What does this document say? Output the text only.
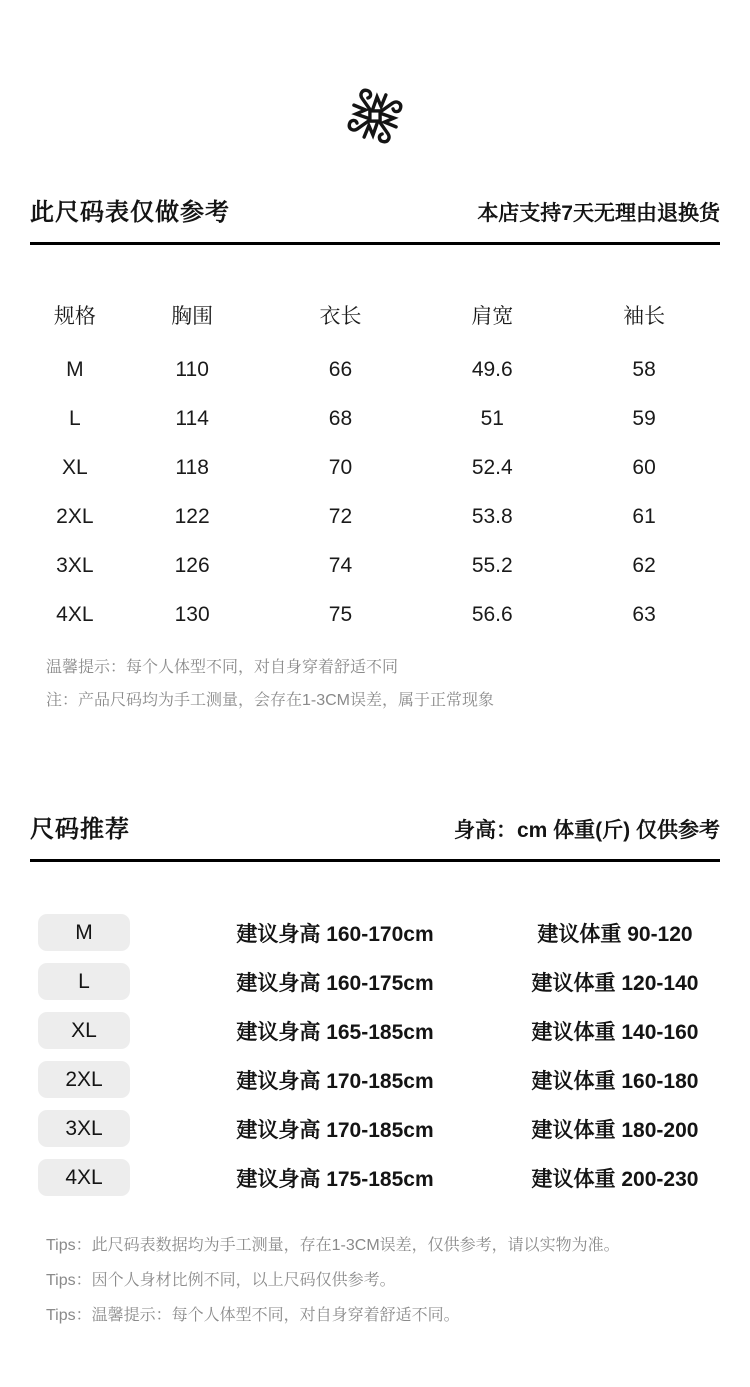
此尺码表仅做参考	本店支持7天无理由退换货
规格	胸围	衣长	肩宽	袖长
M	110	66	49.6	58
L	114	68	51	59
XL	118	70	52.4	60
2XL	122	72	53.8	61
3XL	126	74	55.2	62
4XL	130	75	56.6	63

温馨提示：每个人体型不同，对自身穿着舒适不同

注：产品尺码均为手工测量，会存在1-3CM误差，属于正常现象

尺码推荐	身高：cm 体重(斤) 仅供参考
M	建议身高 160-170cm	建议体重 90-120
L	建议身高 160-175cm	建议体重 120-140
XL	建议身高 165-185cm	建议体重 140-160
2XL	建议身高 170-185cm	建议体重 160-180
3XL	建议身高 170-185cm	建议体重 180-200
4XL	建议身高 175-185cm	建议体重 200-230

Tips：此尺码表数据均为手工测量，存在1-3CM误差，仅供参考，请以实物为准。

Tips：因个人身材比例不同，以上尺码仅供参考。

Tips：温馨提示：每个人体型不同，对自身穿着舒适不同。
